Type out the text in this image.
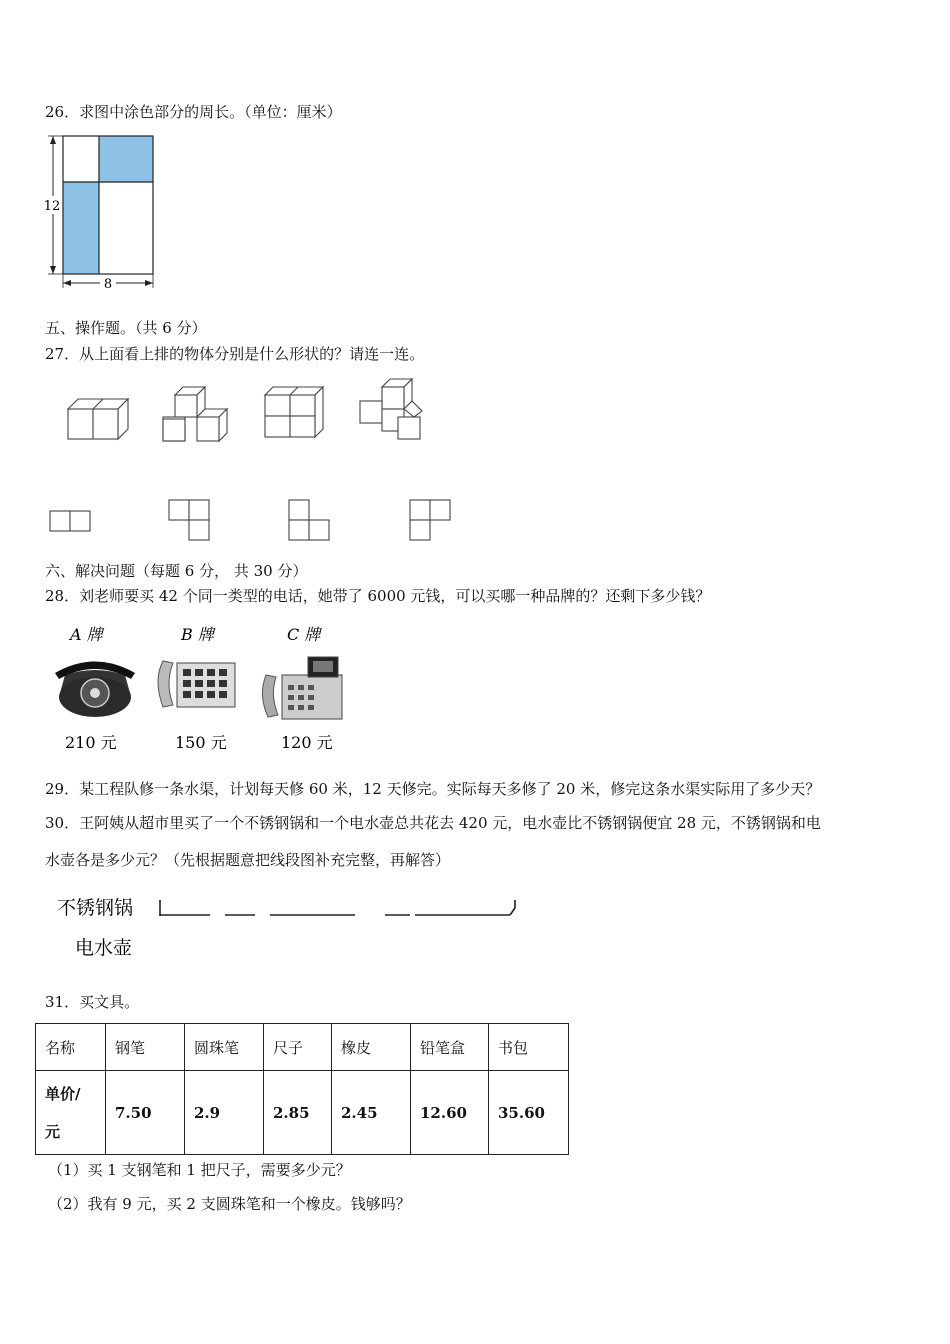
26．求图中涂色部分的周长。（单位：厘米）
12
8
五、操作题。（共 6 分）
27．从上面看上排的物体分别是什么形状的？请连一连。
六、解决问题（每题 6 分， 共 30 分）
28．刘老师要买 42 个同一类型的电话，她带了 6000 元钱，可以买哪一种品牌的？还剩下多少钱？
A 牌
210 元
B 牌
150 元
C 牌
120 元
29．某工程队修一条水渠，计划每天修 60 米，12 天修完。实际每天多修了 20 米，修完这条水渠实际用了多少天？
30．王阿姨从超市里买了一个不锈钢锅和一个电水壶总共花去 420 元，电水壶比不锈钢锅便宜 28 元，不锈钢锅和电
水壶各是多少元？（先根据题意把线段图补充完整，再解答）
不锈钢锅
电水壶
31．买文具。
名称	钢笔	圆珠笔	尺子	橡皮	铅笔盒	书包

单价/
元	7.50	2.9	2.85	2.45	12.60	35.60
（1）买 1 支钢笔和 1 把尺子，需要多少元？
（2）我有 9 元，买 2 支圆珠笔和一个橡皮。钱够吗？
